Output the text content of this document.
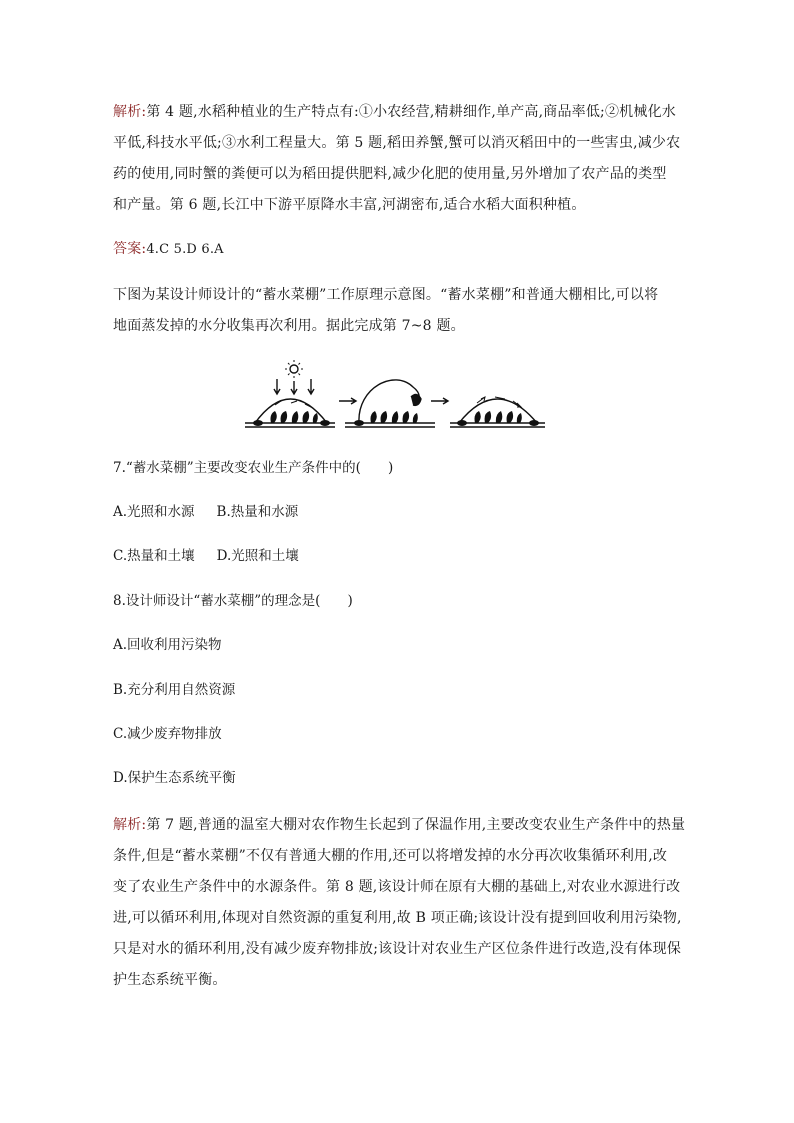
解析:第 4 题,水稻种植业的生产特点有:①小农经营,精耕细作,单产高,商品率低;②机械化水
平低,科技水平低;③水利工程量大。第 5 题,稻田养蟹,蟹可以消灭稻田中的一些害虫,减少农
药的使用,同时蟹的粪便可以为稻田提供肥料,减少化肥的使用量,另外增加了农产品的类型
和产量。第 6 题,长江中下游平原降水丰富,河湖密布,适合水稻大面积种植。
答案:4.C 5.D 6.A
下图为某设计师设计的“蓄水菜棚”工作原理示意图。“蓄水菜棚”和普通大棚相比,可以将
地面蒸发掉的水分收集再次利用。据此完成第 7~8 题。
7.“蓄水菜棚”主要改变农业生产条件中的(　　)
A.光照和水源 B.热量和水源
C.热量和土壤 D.光照和土壤
8.设计师设计“蓄水菜棚”的理念是(　　)
A.回收利用污染物
B.充分利用自然资源
C.减少废弃物排放
D.保护生态系统平衡
解析:第 7 题,普通的温室大棚对农作物生长起到了保温作用,主要改变农业生产条件中的热量
条件,但是“蓄水菜棚”不仅有普通大棚的作用,还可以将增发掉的水分再次收集循环利用,改
变了农业生产条件中的水源条件。第 8 题,该设计师在原有大棚的基础上,对农业水源进行改
进,可以循环利用,体现对自然资源的重复利用,故 B 项正确;该设计没有提到回收利用污染物,
只是对水的循环利用,没有减少废弃物排放;该设计对农业生产区位条件进行改造,没有体现保
护生态系统平衡。
